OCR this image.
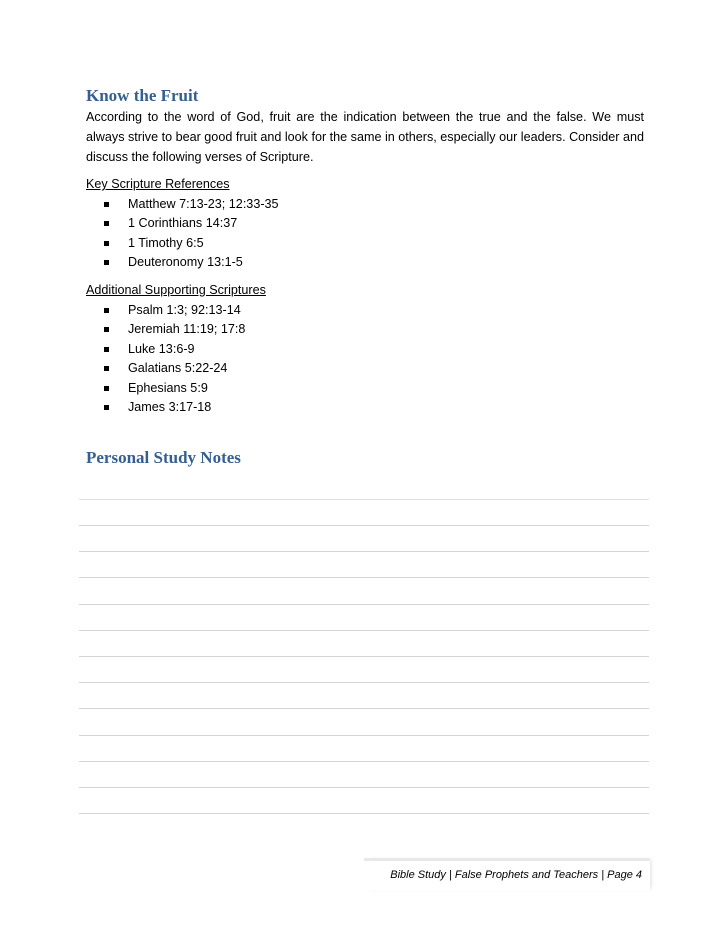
Know the Fruit

According to the word of God, fruit are the indication between the true and the false. We must always strive to bear good fruit and look for the same in others, especially our leaders. Consider and discuss the following verses of Scripture.

Key Scripture References

Matthew 7:13-23; 12:33-35
1 Corinthians 14:37
1 Timothy 6:5
Deuteronomy 13:1-5

Additional Supporting Scriptures

Psalm 1:3; 92:13-14
Jeremiah 11:19; 17:8
Luke 13:6-9
Galatians 5:22-24
Ephesians 5:9
James 3:17-18
Personal Study Notes
Bible Study | False Prophets and Teachers | Page 4
